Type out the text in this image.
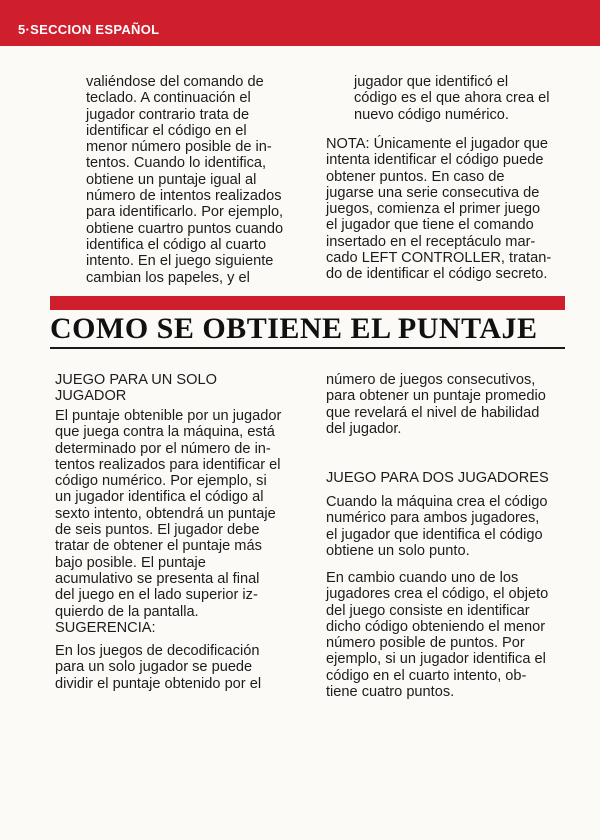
5·SECCION ESPAÑOL
valiéndose del comando de
teclado. A continuación el
jugador contrario trata de
identificar el código en el
menor número posible de in-
tentos. Cuando lo identifica,
obtiene un puntaje igual al
número de intentos realizados
para identificarlo. Por ejemplo,
obtiene cuartro puntos cuando
identifica el código al cuarto
intento. En el juego siguiente
cambian los papeles, y el
jugador que identificó el
código es el que ahora crea el
nuevo código numérico.
NOTA: Únicamente el jugador que
intenta identificar el código puede
obtener puntos. En caso de
jugarse una serie consecutiva de
juegos, comienza el primer juego
el jugador que tiene el comando
insertado en el receptáculo mar-
cado LEFT CONTROLLER, tratan-
do de identificar el código secreto.
COMO SE OBTIENE EL PUNTAJE
JUEGO PARA UN SOLO
JUGADOR
El puntaje obtenible por un jugador
que juega contra la máquina, está
determinado por el número de in-
tentos realizados para identificar el
código numérico. Por ejemplo, si
un jugador identifica el código al
sexto intento, obtendrá un puntaje
de seis puntos. El jugador debe
tratar de obtener el puntaje más
bajo posible. El puntaje
acumulativo se presenta al final
del juego en el lado superior iz-
quierdo de la pantalla.
SUGERENCIA:
En los juegos de decodificación
para un solo jugador se puede
dividir el puntaje obtenido por el
número de juegos consecutivos,
para obtener un puntaje promedio
que revelará el nivel de habilidad
del jugador.
JUEGO PARA DOS JUGADORES
Cuando la máquina crea el código
numérico para ambos jugadores,
el jugador que identifica el código
obtiene un solo punto.
En cambio cuando uno de los
jugadores crea el código, el objeto
del juego consiste en identificar
dicho código obteniendo el menor
número posible de puntos. Por
ejemplo, si un jugador identifica el
código en el cuarto intento, ob-
tiene cuatro puntos.
